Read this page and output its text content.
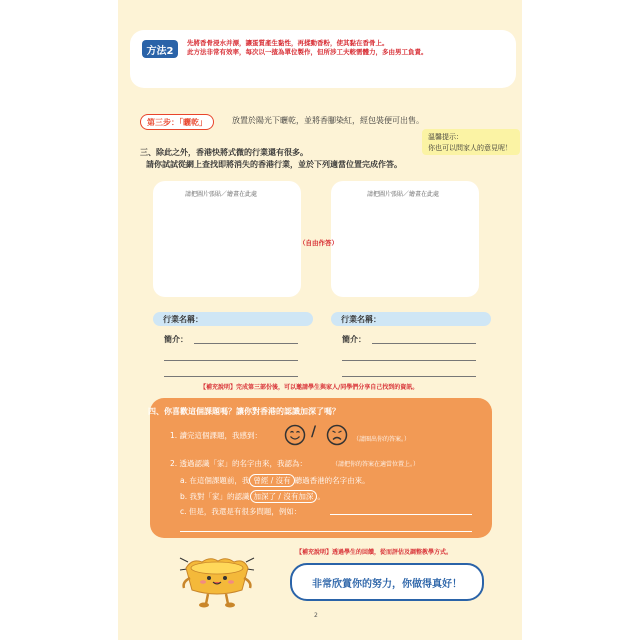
方法2
先將香骨浸水并漂，讓蛋質產生黏性，再揉動香粉，使其黏在香骨上。
此方法非常有效率，每次以一揸為單位製作，但所涉工夫較需體力，多由男工負責。
第三步：「曬乾」	放置於陽光下曬乾，並將香腳染紅，經包裝便可出售。
溫馨提示：
你也可以問家人的意見呢！
三、除此之外，香港快將式微的行業還有很多。
請你試試從網上查找即將消失的香港行業，並於下列適當位置完成作答。
請把圖片張貼／繪畫在此處	請把圖片張貼／繪畫在此處
（自由作答）
行業名稱：	行業名稱：
簡介：	簡介：
【補充說明】完成第三部份後，可以邀請學生與家人/同學們分享自己找到的資訊。
四、你喜歡這個課題嗎？讓你對香港的認識加深了嗎？
1. 讀完這個課題，我感到：	/	（請圈出你的答案。）
2. 透過認識「家」的名字由來，我認為：	（請把你的答案在適當位置上。）
a. 在這個課題前，我 曾經 / 沒有 聽過香港的名字由來。
b. 我對「家」的認識 加深了 / 沒有加深 。
c. 但是，我還是有很多問題，例如：
【補充說明】透過學生的回饋，從而評估及調整教學方式。
非常欣賞你的努力，你做得真好！
2
